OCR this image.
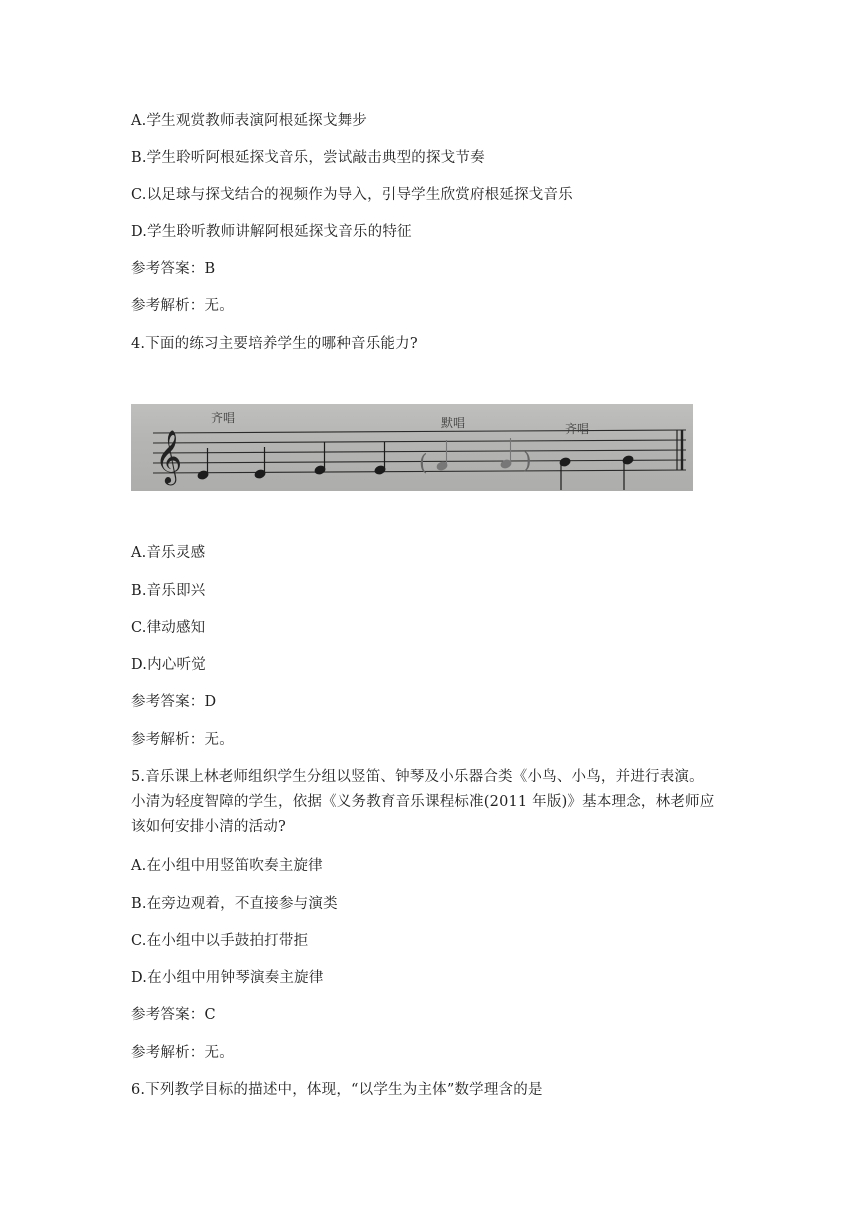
A.学生观赏教师表演阿根延探戈舞步
B.学生聆听阿根延探戈音乐，尝试敲击典型的探戈节奏
C.以足球与探戈结合的视频作为导入，引导学生欣赏府根延探戈音乐
D.学生聆听教师讲解阿根延探戈音乐的特征
参考答案：B
参考解析：无。
4.下面的练习主要培养学生的哪种音乐能力?
𝄞	(	)
齐唱	默唱	齐唱
A.音乐灵感
B.音乐即兴
C.律动感知
D.内心听觉
参考答案：D
参考解析：无。
5.音乐课上林老师组织学生分组以竖笛、钟琴及小乐器合类《小鸟、小鸟，并进行表演。
小清为轻度智障的学生，依据《义务教育音乐课程标准(2011 年版)》基本理念，林老师应
该如何安排小清的活动?
A.在小组中用竖笛吹奏主旋律
B.在旁边观着，不直接参与演类
C.在小组中以手鼓拍打带拒
D.在小组中用钟琴演奏主旋律
参考答案：C
参考解析：无。
6.下列教学目标的描述中，体现，“以学生为主体”数学理含的是
